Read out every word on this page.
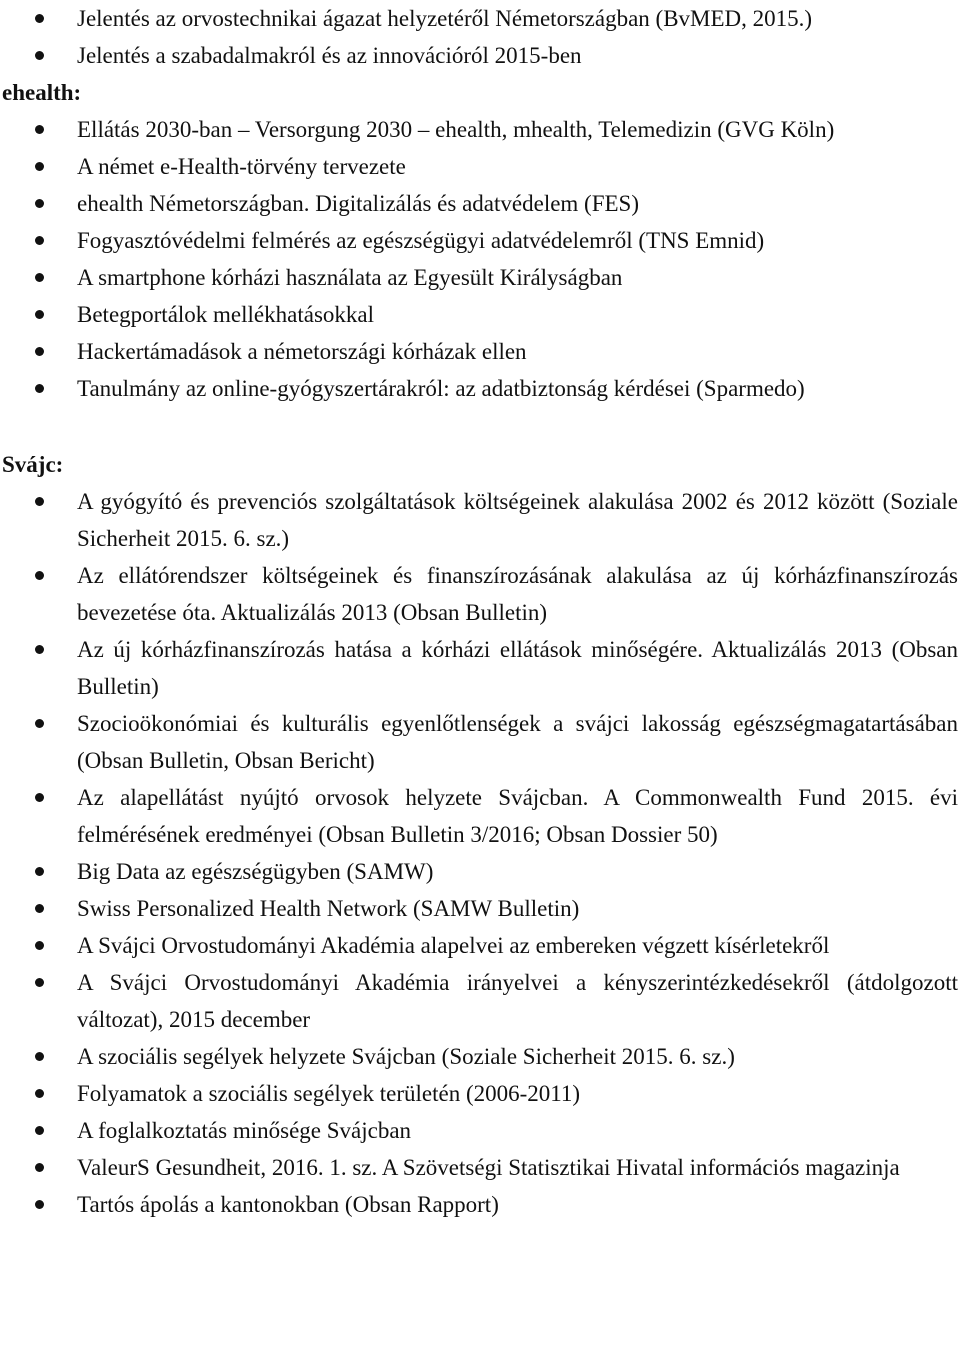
Jelentés az orvostechnikai ágazat helyzetéről Németországban (BvMED, 2015.)
Jelentés a szabadalmakról és az innovációról 2015-ben

ehealth:

Ellátás 2030-ban – Versorgung 2030 – ehealth, mhealth, Telemedizin (GVG Köln)
A német e-Health-törvény tervezete
ehealth Németországban. Digitalizálás és adatvédelem (FES)
Fogyasztóvédelmi felmérés az egészségügyi adatvédelemről (TNS Emnid)
A smartphone kórházi használata az Egyesült Királyságban
Betegportálok mellékhatásokkal
Hackertámadások a németországi kórházak ellen
Tanulmány az online-gyógyszertárakról: az adatbiztonság kérdései (Sparmedo)

Svájc:

A gyógyító és prevenciós szolgáltatások költségeinek alakulása 2002 és 2012 között (Soziale Sicherheit 2015. 6. sz.)
Az ellátórendszer költségeinek és finanszírozásának alakulása az új kórházfinanszírozás bevezetése óta. Aktualizálás 2013 (Obsan Bulletin)
Az új kórházfinanszírozás hatása a kórházi ellátások minőségére. Aktualizálás 2013 (Obsan Bulletin)
Szocioökonómiai és kulturális egyenlőtlenségek a svájci lakosság egészségmagatartásában (Obsan Bulletin, Obsan Bericht)
Az alapellátást nyújtó orvosok helyzete Svájcban. A Commonwealth Fund 2015. évi felmérésének eredményei (Obsan Bulletin 3/2016; Obsan Dossier 50)
Big Data az egészségügyben (SAMW)
Swiss Personalized Health Network (SAMW Bulletin)
A Svájci Orvostudományi Akadémia alapelvei az embereken végzett kísérletekről
A Svájci Orvostudományi Akadémia irányelvei a kényszerintézkedésekről (átdolgozott változat), 2015 december
A szociális segélyek helyzete Svájcban (Soziale Sicherheit 2015. 6. sz.)
Folyamatok a szociális segélyek területén (2006-2011)
A foglalkoztatás minősége Svájcban
ValeurS Gesundheit, 2016. 1. sz. A Szövetségi Statisztikai Hivatal információs magazinja
Tartós ápolás a kantonokban (Obsan Rapport)
